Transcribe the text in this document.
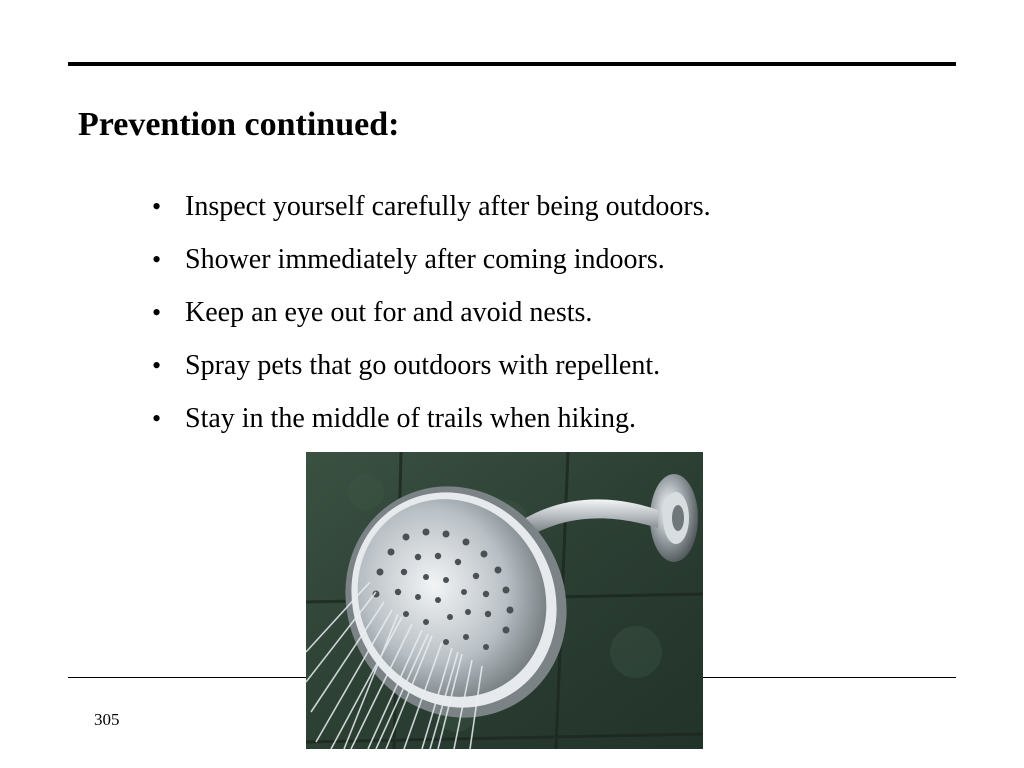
Prevention continued:
• Inspect yourself carefully after being outdoors.
• Shower immediately after coming indoors.
• Keep an eye out for and avoid nests.
• Spray pets that go outdoors with repellent.
• Stay in the middle of trails when hiking.
305
